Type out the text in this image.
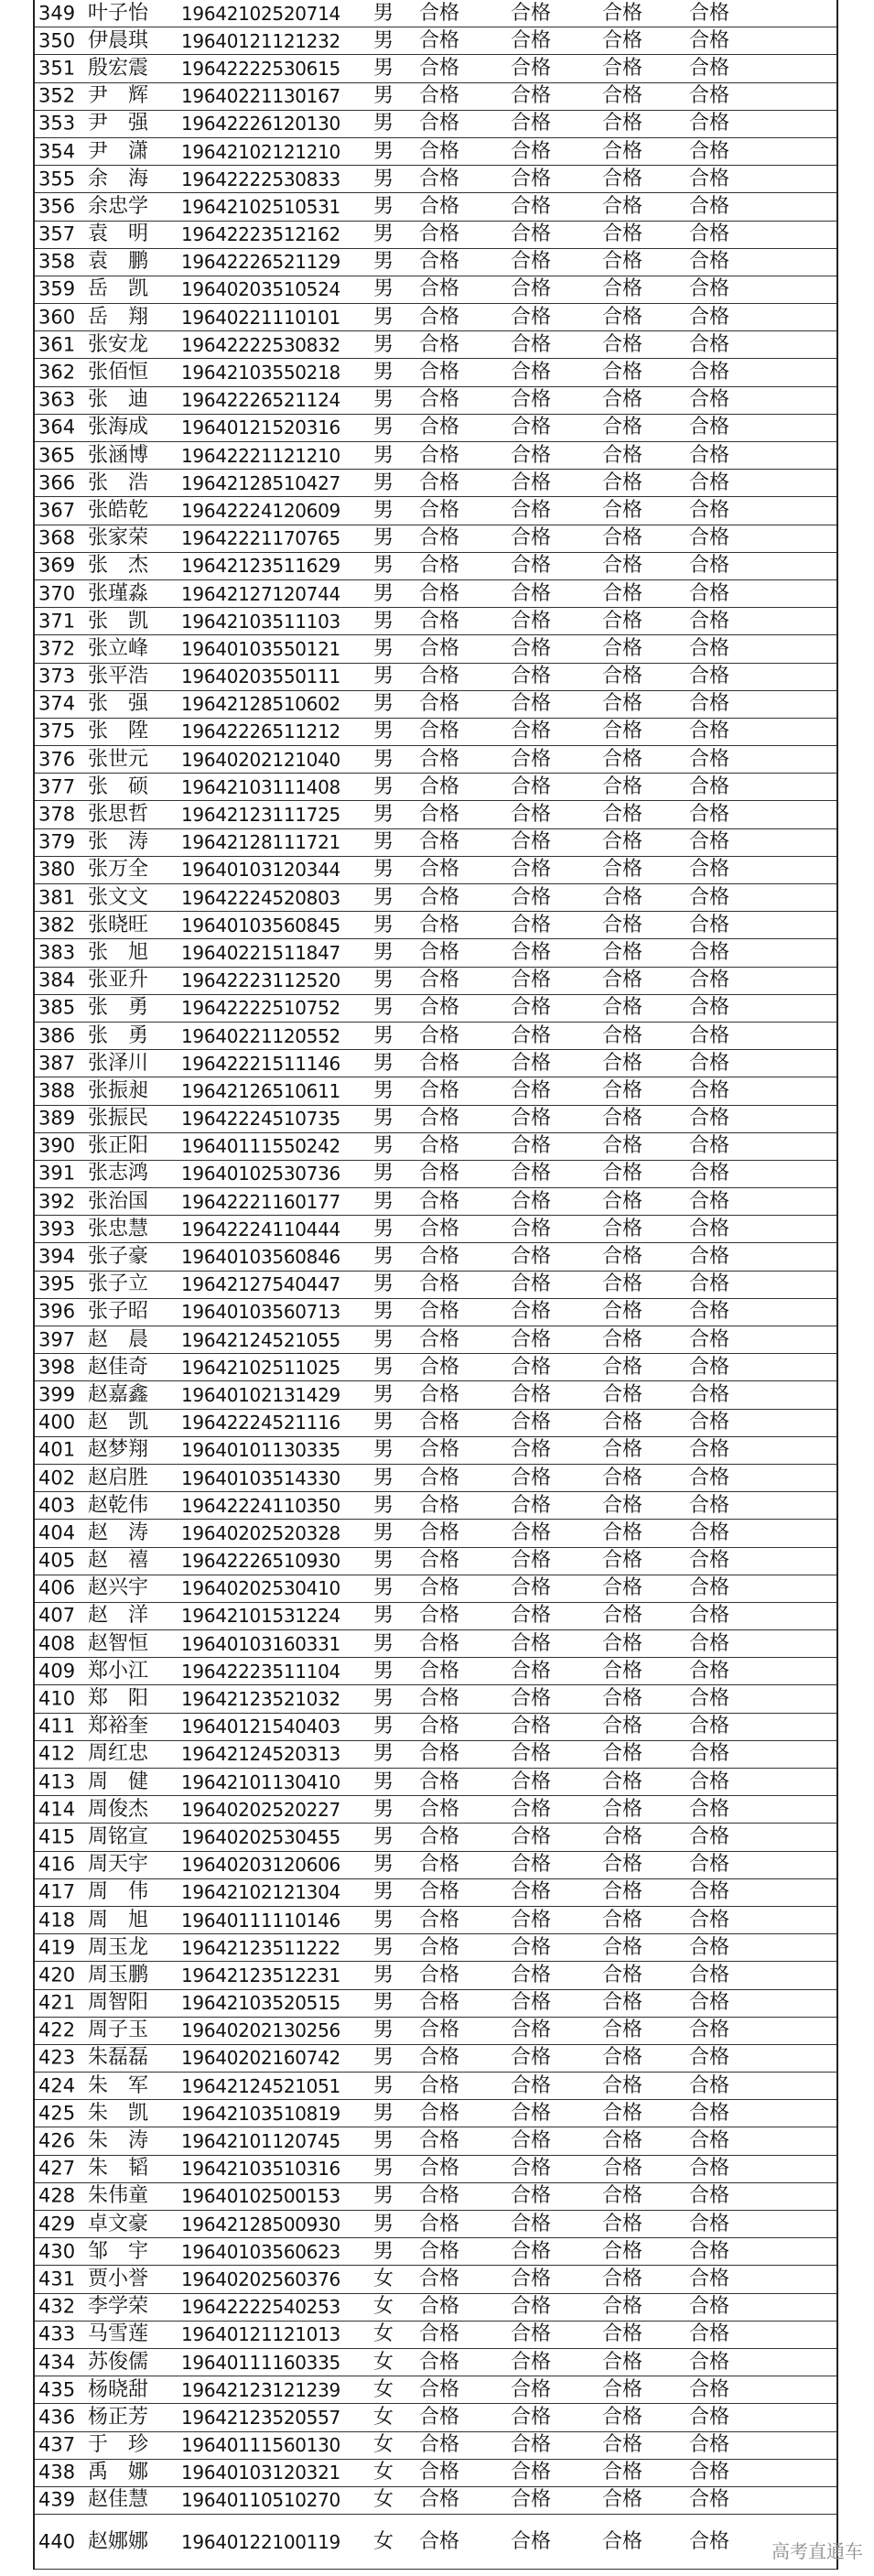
349 叶子怡 19642102520714 男 合格	合格	合格 合格
350 伊晨琪 19640121121232 男 合格	合格	合格 合格
351 殷宏震 19642222530615 男 合格	合格	合格 合格
352 尹　辉 19640221130167 男 合格	合格	合格 合格
353 尹　强 19642226120130 男 合格	合格	合格 合格
354 尹　潇 19642102121210 男 合格	合格	合格 合格
355 余　海 19642222530833 男 合格	合格	合格 合格
356 余忠学 19642102510531 男 合格	合格	合格 合格
357 袁　明 19642223512162 男 合格	合格	合格 合格
358 袁　鹏 19642226521129 男 合格	合格	合格 合格
359 岳　凯 19640203510524 男 合格	合格	合格 合格
360 岳　翔 19640221110101 男 合格	合格	合格 合格
361 张安龙 19642222530832 男 合格	合格	合格 合格
362 张佰恒 19642103550218 男 合格	合格	合格 合格
363 张　迪 19642226521124 男 合格	合格	合格 合格
364 张海成 19640121520316 男 合格	合格	合格 合格
365 张涵博 19642221121210 男 合格	合格	合格 合格
366 张　浩 19642128510427 男 合格	合格	合格 合格
367 张皓乾 19642224120609 男 合格	合格	合格 合格
368 张家荣 19642221170765 男 合格	合格	合格 合格
369 张　杰 19642123511629 男 合格	合格	合格 合格
370 张瑾淼 19642127120744 男 合格	合格	合格 合格
371 张　凯 19642103511103 男 合格	合格	合格 合格
372 张立峰 19640103550121 男 合格	合格	合格 合格
373 张平浩 19640203550111 男 合格	合格	合格 合格
374 张　强 19642128510602 男 合格	合格	合格 合格
375 张　陞 19642226511212 男 合格	合格	合格 合格
376 张世元 19640202121040 男 合格	合格	合格 合格
377 张　硕 19642103111408 男 合格	合格	合格 合格
378 张思哲 19642123111725 男 合格	合格	合格 合格
379 张　涛 19642128111721 男 合格	合格	合格 合格
380 张万全 19640103120344 男 合格	合格	合格 合格
381 张文文 19642224520803 男 合格	合格	合格 合格
382 张晓旺 19640103560845 男 合格	合格	合格 合格
383 张　旭 19640221511847 男 合格	合格	合格 合格
384 张亚升 19642223112520 男 合格	合格	合格 合格
385 张　勇 19642222510752 男 合格	合格	合格 合格
386 张　勇 19640221120552 男 合格	合格	合格 合格
387 张泽川 19642221511146 男 合格	合格	合格 合格
388 张振昶 19642126510611 男 合格	合格	合格 合格
389 张振民 19642224510735 男 合格	合格	合格 合格
390 张正阳 19640111550242 男 合格	合格	合格 合格
391 张志鸿 19640102530736 男 合格	合格	合格 合格
392 张治国 19642221160177 男 合格	合格	合格 合格
393 张忠慧 19642224110444 男 合格	合格	合格 合格
394 张子豪 19640103560846 男 合格	合格	合格 合格
395 张子立 19642127540447 男 合格	合格	合格 合格
396 张子昭 19640103560713 男 合格	合格	合格 合格
397 赵　晨 19642124521055 男 合格	合格	合格 合格
398 赵佳奇 19642102511025 男 合格	合格	合格 合格
399 赵嘉鑫 19640102131429 男 合格	合格	合格 合格
400 赵　凯 19642224521116 男 合格	合格	合格 合格
401 赵梦翔 19640101130335 男 合格	合格	合格 合格
402 赵启胜 19640103514330 男 合格	合格	合格 合格
403 赵乾伟 19642224110350 男 合格	合格	合格 合格
404 赵　涛 19640202520328 男 合格	合格	合格 合格
405 赵　禧 19642226510930 男 合格	合格	合格 合格
406 赵兴宇 19640202530410 男 合格	合格	合格 合格
407 赵　洋 19642101531224 男 合格	合格	合格 合格
408 赵智恒 19640103160331 男 合格	合格	合格 合格
409 郑小江 19642223511104 男 合格	合格	合格 合格
410 郑　阳 19642123521032 男 合格	合格	合格 合格
411 郑裕奎 19640121540403 男 合格	合格	合格 合格
412 周红忠 19642124520313 男 合格	合格	合格 合格
413 周　健 19642101130410 男 合格	合格	合格 合格
414 周俊杰 19640202520227 男 合格	合格	合格 合格
415 周铭宣 19640202530455 男 合格	合格	合格 合格
416 周天宇 19640203120606 男 合格	合格	合格 合格
417 周　伟 19642102121304 男 合格	合格	合格 合格
418 周　旭 19640111110146 男 合格	合格	合格 合格
419 周玉龙 19642123511222 男 合格	合格	合格 合格
420 周玉鹏 19642123512231 男 合格	合格	合格 合格
421 周智阳 19642103520515 男 合格	合格	合格 合格
422 周子玉 19640202130256 男 合格	合格	合格 合格
423 朱磊磊 19640202160742 男 合格	合格	合格 合格
424 朱　军 19642124521051 男 合格	合格	合格 合格
425 朱　凯 19642103510819 男 合格	合格	合格 合格
426 朱　涛 19642101120745 男 合格	合格	合格 合格
427 朱　韬 19642103510316 男 合格	合格	合格 合格
428 朱伟童 19640102500153 男 合格	合格	合格 合格
429 卓文豪 19642128500930 男 合格	合格	合格 合格
430 邹　宇 19640103560623 男 合格	合格	合格 合格
431 贾小誉 19640202560376 女 合格	合格	合格 合格
432 李学荣 19642222540253 女 合格	合格	合格 合格
433 马雪莲 19640121121013 女 合格	合格	合格 合格
434 苏俊儒 19640111160335 女 合格	合格	合格 合格
435 杨晓甜 19642123121239 女 合格	合格	合格 合格
436 杨正芳 19642123520557 女 合格	合格	合格 合格
437 于　珍 19640111560130 女 合格	合格	合格 合格
438 禹　娜 19640103120321 女 合格	合格	合格 合格
439 赵佳慧 19640110510270 女 合格	合格	合格 合格
440 赵娜娜 19640122100119 女 合格	合格	合格 合格 高考直通车
